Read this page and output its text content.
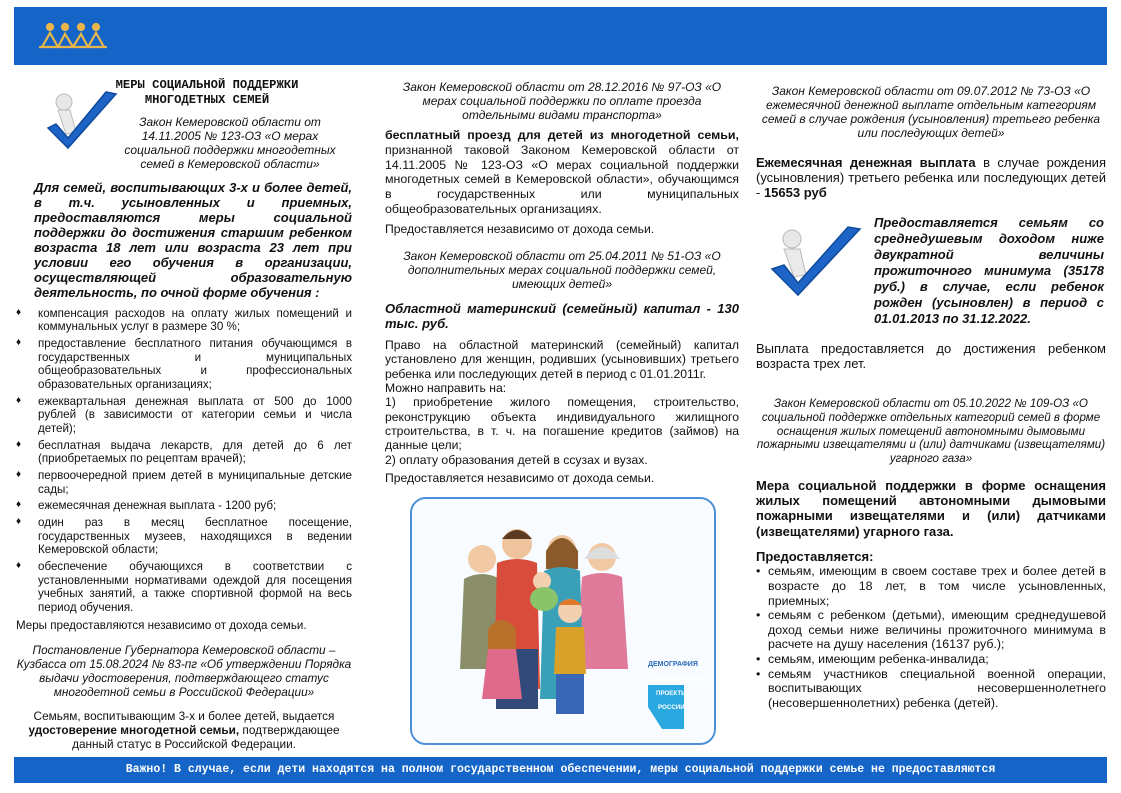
МЕРЫ СОЦИАЛЬНОЙ ПОДДЕРЖКИ
МНОГОДЕТНЫХ СЕМЕЙ

Закон Кемеровской области от 14.11.2005 № 123-ОЗ «О мерах социальной поддержки многодетных семей в Кемеровской области»

Для семей, воспитывающих 3-х и более детей, в т.ч. усыновленных и приемных, предоставляются меры социальной поддержки до достижения старшим ребенком возраста 18 лет или возраста 23 лет при условии его обучения в организации, осуществляющей образовательную деятельность, по очной форме обучения :

♦ компенсация расходов на оплату жилых помещений и коммунальных услуг в размере 30 %;
♦ предоставление бесплатного питания обучающимся в государственных и муниципальных общеобразовательных и профессиональных образовательных организациях;
♦ ежеквартальная денежная выплата от 500 до 1000 рублей (в зависимости от категории семьи и числа детей);
♦ бесплатная выдача лекарств, для детей до 6 лет (приобретаемых по рецептам врачей);
♦ первоочередной прием детей в муниципальные детские сады;
♦ ежемесячная денежная выплата - 1200 руб;
♦ один раз в месяц бесплатное посещение, государственных музеев, находящихся в ведении Кемеровской области;
♦ обеспечение обучающихся в соответствии с установленными нормативами одеждой для посещения учебных занятий, а также спортивной формой на весь период обучения.

Меры предоставляются независимо от дохода семьи.

Постановление Губернатора Кемеровской области – Кузбасса от 15.08.2024 № 83-пг «Об утверждении Порядка выдачи удостоверения, подтверждающего статус многодетной семьи в Российской Федерации»

Семьям, воспитывающим 3-х и более детей, выдается удостоверение многодетной семьи, подтверждающее данный статус в Российской Федерации.

Закон Кемеровской области от 28.12.2016 № 97-ОЗ «О мерах социальной поддержки по оплате проезда отдельными видами транспорта»

бесплатный проезд для детей из многодетной семьи, признанной таковой Законом Кемеровской области от 14.11.2005 № 123-ОЗ «О мерах социальной поддержки многодетных семей в Кемеровской области», обучающимся в государственных или муниципальных общеобразовательных организациях.

Предоставляется независимо от дохода семьи.

Закон Кемеровской области от 25.04.2011 № 51-ОЗ «О дополнительных мерах социальной поддержки семей, имеющих детей»

Областной материнский (семейный) капитал - 130 тыс. руб.

Право на областной материнский (семейный) капитал установлено для женщин, родивших (усыновивших) третьего ребенка или последующих детей в период с 01.01.2011г.

Можно направить на:

1) приобретение жилого помещения, строительство, реконструкцию объекта индивидуального жилищного строительства, в т. ч. на погашение кредитов (займов) на данные цели;

2) оплату образования детей в ссузах и вузах.

Предоставляется независимо от дохода семьи.

ДЕМОГРАФИЯ
НАЦИОНАЛЬНЫЕ
ПРОЕКТЫ
РОССИИ

Закон Кемеровской области от 09.07.2012 № 73-ОЗ «О ежемесячной денежной выплате отдельным категориям семей в случае рождения (усыновления) третьего ребенка или последующих детей»

Ежемесячная денежная выплата в случае рождения (усыновления) третьего ребенка или последующих детей - 15653 руб

Предоставляется семьям со среднедушевым доходом ниже двукратной величины прожиточного минимума (35178 руб.) в случае, если ребенок рожден (усыновлен) в период с 01.01.2013 по 31.12.2022.

Выплата предоставляется до достижения ребенком возраста трех лет.

Закон Кемеровской области от 05.10.2022 № 109-ОЗ «О социальной поддержке отдельных категорий семей в форме оснащения жилых помещений автономными дымовыми пожарными извещателями и (или) датчиками (извещателями) угарного газа»

Мера социальной поддержки в форме оснащения жилых помещений автономными дымовыми пожарными извещателями и (или) датчиками (извещателями) угарного газа.

Предоставляется:

• семьям, имеющим в своем составе трех и более детей в возрасте до 18 лет, в том числе усыновленных, приемных;
• семьям с ребенком (детьми), имеющим среднедушевой доход семьи ниже величины прожиточного минимума в расчете на душу населения (16137 руб.);
• семьям, имеющим ребенка-инвалида;
• семьям участников специальной военной операции, воспитывающих несовершеннолетнего (несовершеннолетних) ребенка (детей).
Важно! В случае, если дети находятся на полном государственном обеспечении, меры социальной поддержки семье не предоставляются
